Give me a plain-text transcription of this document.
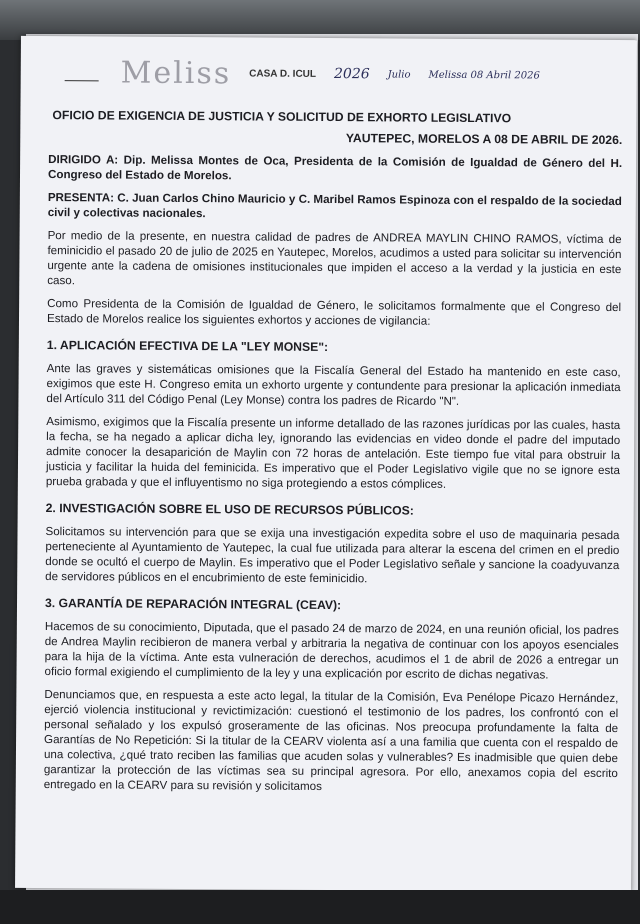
Meliss CASA D. ICUL 2026 Julio Melissa 08 Abril 2026
OFICIO DE EXIGENCIA DE JUSTICIA Y SOLICITUD DE EXHORTO LEGISLATIVO
YAUTEPEC, MORELOS A 08 DE ABRIL DE 2026.
DIRIGIDO A: Dip. Melissa Montes de Oca, Presidenta de la Comisión de Igualdad de Género del H. Congreso del Estado de Morelos.
PRESENTA: C. Juan Carlos Chino Mauricio y C. Maribel Ramos Espinoza con el respaldo de la sociedad civil y colectivas nacionales.
Por medio de la presente, en nuestra calidad de padres de ANDREA MAYLIN CHINO RAMOS, víctima de feminicidio el pasado 20 de julio de 2025 en Yautepec, Morelos, acudimos a usted para solicitar su intervención urgente ante la cadena de omisiones institucionales que impiden el acceso a la verdad y la justicia en este caso.
Como Presidenta de la Comisión de Igualdad de Género, le solicitamos formalmente que el Congreso del Estado de Morelos realice los siguientes exhortos y acciones de vigilancia:
1. APLICACIÓN EFECTIVA DE LA "LEY MONSE":
Ante las graves y sistemáticas omisiones que la Fiscalía General del Estado ha mantenido en este caso, exigimos que este H. Congreso emita un exhorto urgente y contundente para presionar la aplicación inmediata del Artículo 311 del Código Penal (Ley Monse) contra los padres de Ricardo "N".
Asimismo, exigimos que la Fiscalía presente un informe detallado de las razones jurídicas por las cuales, hasta la fecha, se ha negado a aplicar dicha ley, ignorando las evidencias en video donde el padre del imputado admite conocer la desaparición de Maylin con 72 horas de antelación. Este tiempo fue vital para obstruir la justicia y facilitar la huida del feminicida. Es imperativo que el Poder Legislativo vigile que no se ignore esta prueba grabada y que el influyentismo no siga protegiendo a estos cómplices.
2. INVESTIGACIÓN SOBRE EL USO DE RECURSOS PÚBLICOS:
Solicitamos su intervención para que se exija una investigación expedita sobre el uso de maquinaria pesada perteneciente al Ayuntamiento de Yautepec, la cual fue utilizada para alterar la escena del crimen en el predio donde se ocultó el cuerpo de Maylin. Es imperativo que el Poder Legislativo señale y sancione la coadyuvanza de servidores públicos en el encubrimiento de este feminicidio.
3. GARANTÍA DE REPARACIÓN INTEGRAL (CEAV):
Hacemos de su conocimiento, Diputada, que el pasado 24 de marzo de 2024, en una reunión oficial, los padres de Andrea Maylin recibieron de manera verbal y arbitraria la negativa de continuar con los apoyos esenciales para la hija de la víctima. Ante esta vulneración de derechos, acudimos el 1 de abril de 2026 a entregar un oficio formal exigiendo el cumplimiento de la ley y una explicación por escrito de dichas negativas.
Denunciamos que, en respuesta a este acto legal, la titular de la Comisión, Eva Penélope Picazo Hernández, ejerció violencia institucional y revictimización: cuestionó el testimonio de los padres, los confrontó con el personal señalado y los expulsó groseramente de las oficinas. Nos preocupa profundamente la falta de Garantías de No Repetición: Si la titular de la CEARV violenta así a una familia que cuenta con el respaldo de una colectiva, ¿qué trato reciben las familias que acuden solas y vulnerables? Es inadmisible que quien debe garantizar la protección de las víctimas sea su principal agresora. Por ello, anexamos copia del escrito entregado en la CEARV para su revisión y solicitamos
